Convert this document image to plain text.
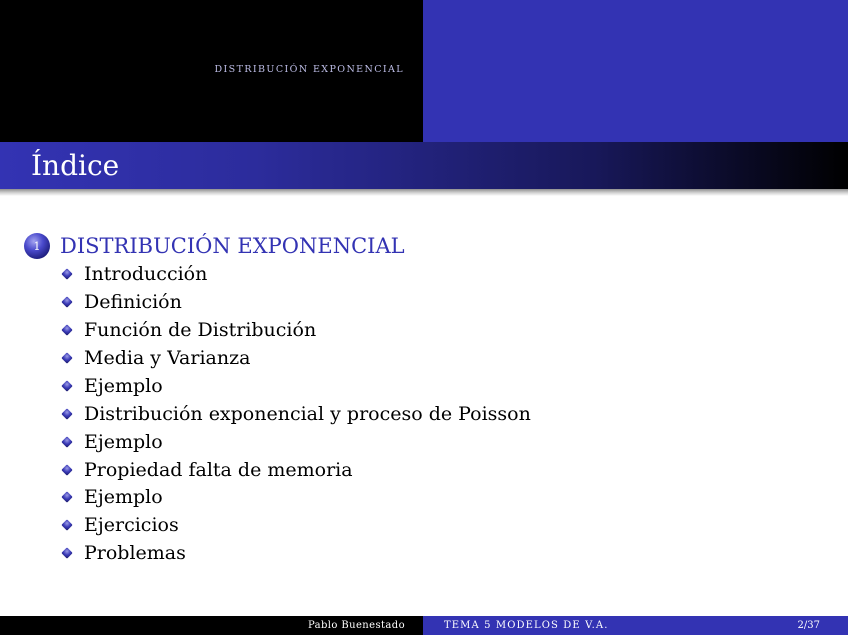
DISTRIBUCIÓN EXPONENCIAL
Índice
1 DISTRIBUCIÓN EXPONENCIAL
Introducción
Definición
Función de Distribución
Media y Varianza
Ejemplo
Distribución exponencial y proceso de Poisson
Ejemplo
Propiedad falta de memoria
Ejemplo
Ejercicios
Problemas
Pablo Buenestado	TEMA 5 MODELOS DE V.A.	2/37
